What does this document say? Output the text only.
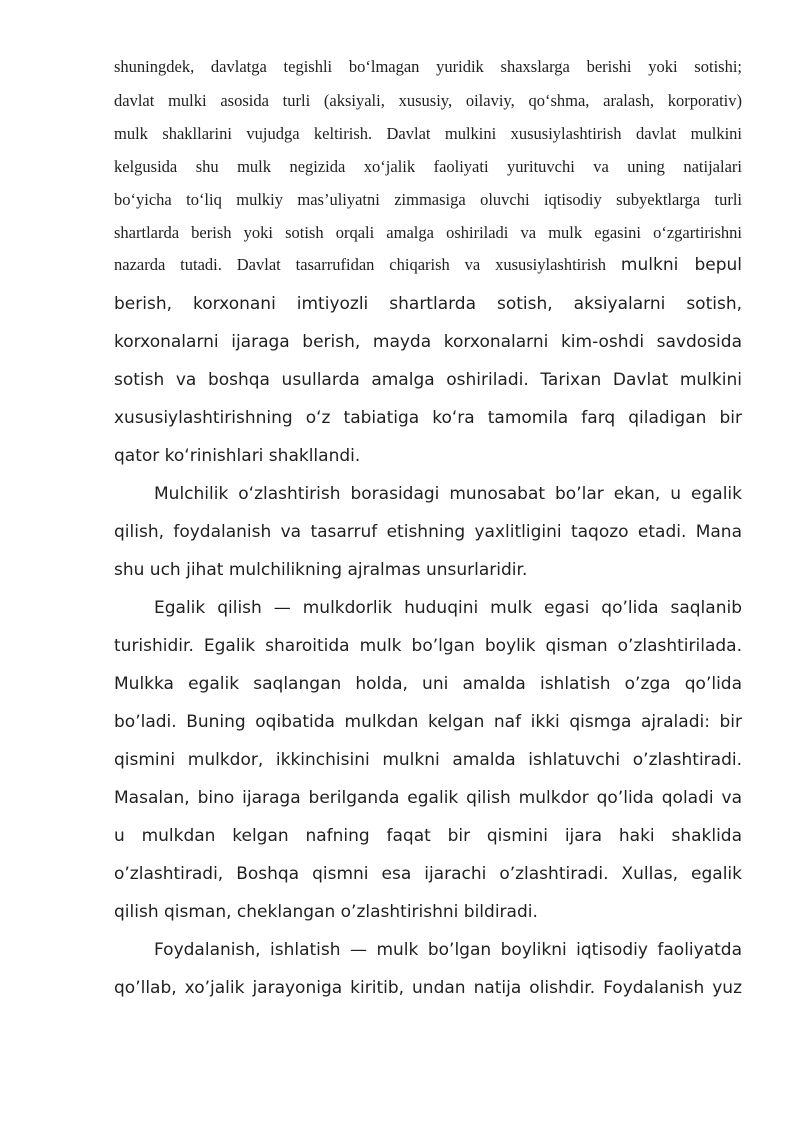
shuningdek, davlatga tegishli boʻlmagan yuridik shaxslarga berishi yoki sotishi;
davlat mulki asosida turli (aksiyali, xususiy, oilaviy, qoʻshma, aralash, korporativ)
mulk shakllarini vujudga keltirish. Davlat mulkini xususiylashtirish davlat mulkini
kelgusida shu mulk negizida xoʻjalik faoliyati yurituvchi va uning natijalari
boʻyicha toʻliq mulkiy mas’uliyatni zimmasiga oluvchi iqtisodiy subyektlarga turli
shartlarda berish yoki sotish orqali amalga oshiriladi va mulk egasini oʻzgartirishni
nazarda tutadi. Davlat tasarrufidan chiqarish va xususiylashtirish mulkni bepul
berish, korxonani imtiyozli shartlarda sotish, aksiyalarni sotish,
korxonalarni ijaraga berish, mayda korxonalarni kim-oshdi savdosida
sotish va boshqa usullarda amalga oshiriladi. Tarixan Davlat mulkini
xususiylashtirishning oʻz tabiatiga koʻra tamomila farq qiladigan bir
qator koʻrinishlari shakllandi.
Mulchilik oʻzlashtirish borasidagi munosabat boʼlar ekan, u egalik
qilish, foydalanish va tasarruf etishning yaxlitligini taqozo etadi. Mana
shu uch jihat mulchilikning ajralmas unsurlaridir.
Egalik qilish — mulkdorlik huduqini mulk egasi qoʼlida saqlanib
turishidir. Egalik sharoitida mulk boʼlgan boylik qisman oʼzlashtirilada.
Mulkka egalik saqlangan holda, uni amalda ishlatish oʼzga qoʼlida
boʼladi. Buning oqibatida mulkdan kelgan naf ikki qismga ajraladi: bir
qismini mulkdor, ikkinchisini mulkni amalda ishlatuvchi oʼzlashtiradi.
Masalan, bino ijaraga berilganda egalik qilish mulkdor qoʼlida qoladi va
u mulkdan kelgan nafning faqat bir qismini ijara haki shaklida
oʼzlashtiradi, Boshqa qismni esa ijarachi oʼzlashtiradi. Xullas, egalik
qilish qisman, cheklangan oʼzlashtirishni bildiradi.
Foydalanish, ishlatish — mulk boʼlgan boylikni iqtisodiy faoliyatda
qoʼllab, xoʼjalik jarayoniga kiritib, undan natija olishdir. Foydalanish yuz
